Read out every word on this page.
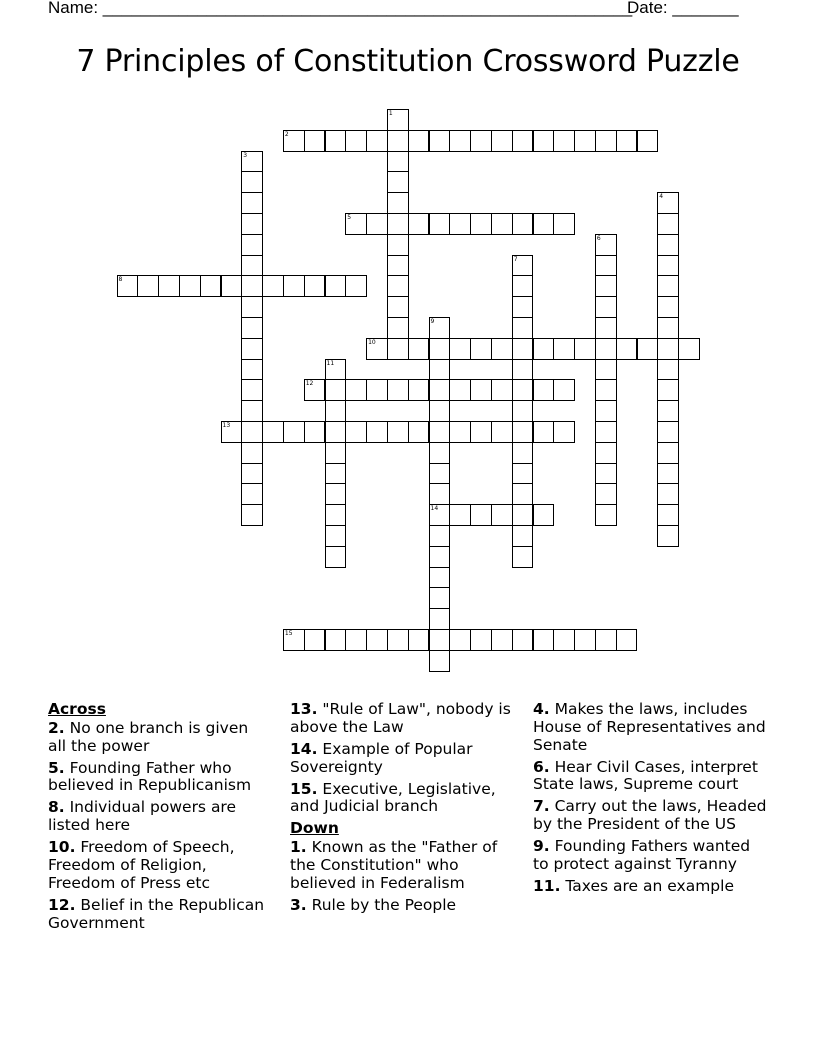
Name: ________________________________________________________
Date: _______
7 Principles of Constitution Crossword Puzzle
1
2
3
4
5
6
7
8
9
14
10
11
12
13
15
Across

2. No one branch is given all the power

5. Founding Father who believed in Republicanism

8. Individual powers are listed here

10. Freedom of Speech, Freedom of Religion, Freedom of Press etc

12. Belief in the Republican Government

13. "Rule of Law", nobody is above the Law

14. Example of Popular Sovereignty

15. Executive, Legislative, and Judicial branch

Down

1. Known as the "Father of the Constitution" who believed in Federalism

3. Rule by the People

4. Makes the laws, includes House of Representatives and Senate

6. Hear Civil Cases, interpret State laws, Supreme court

7. Carry out the laws, Headed by the President of the US

9. Founding Fathers wanted to protect against Tyranny

11. Taxes are an example
